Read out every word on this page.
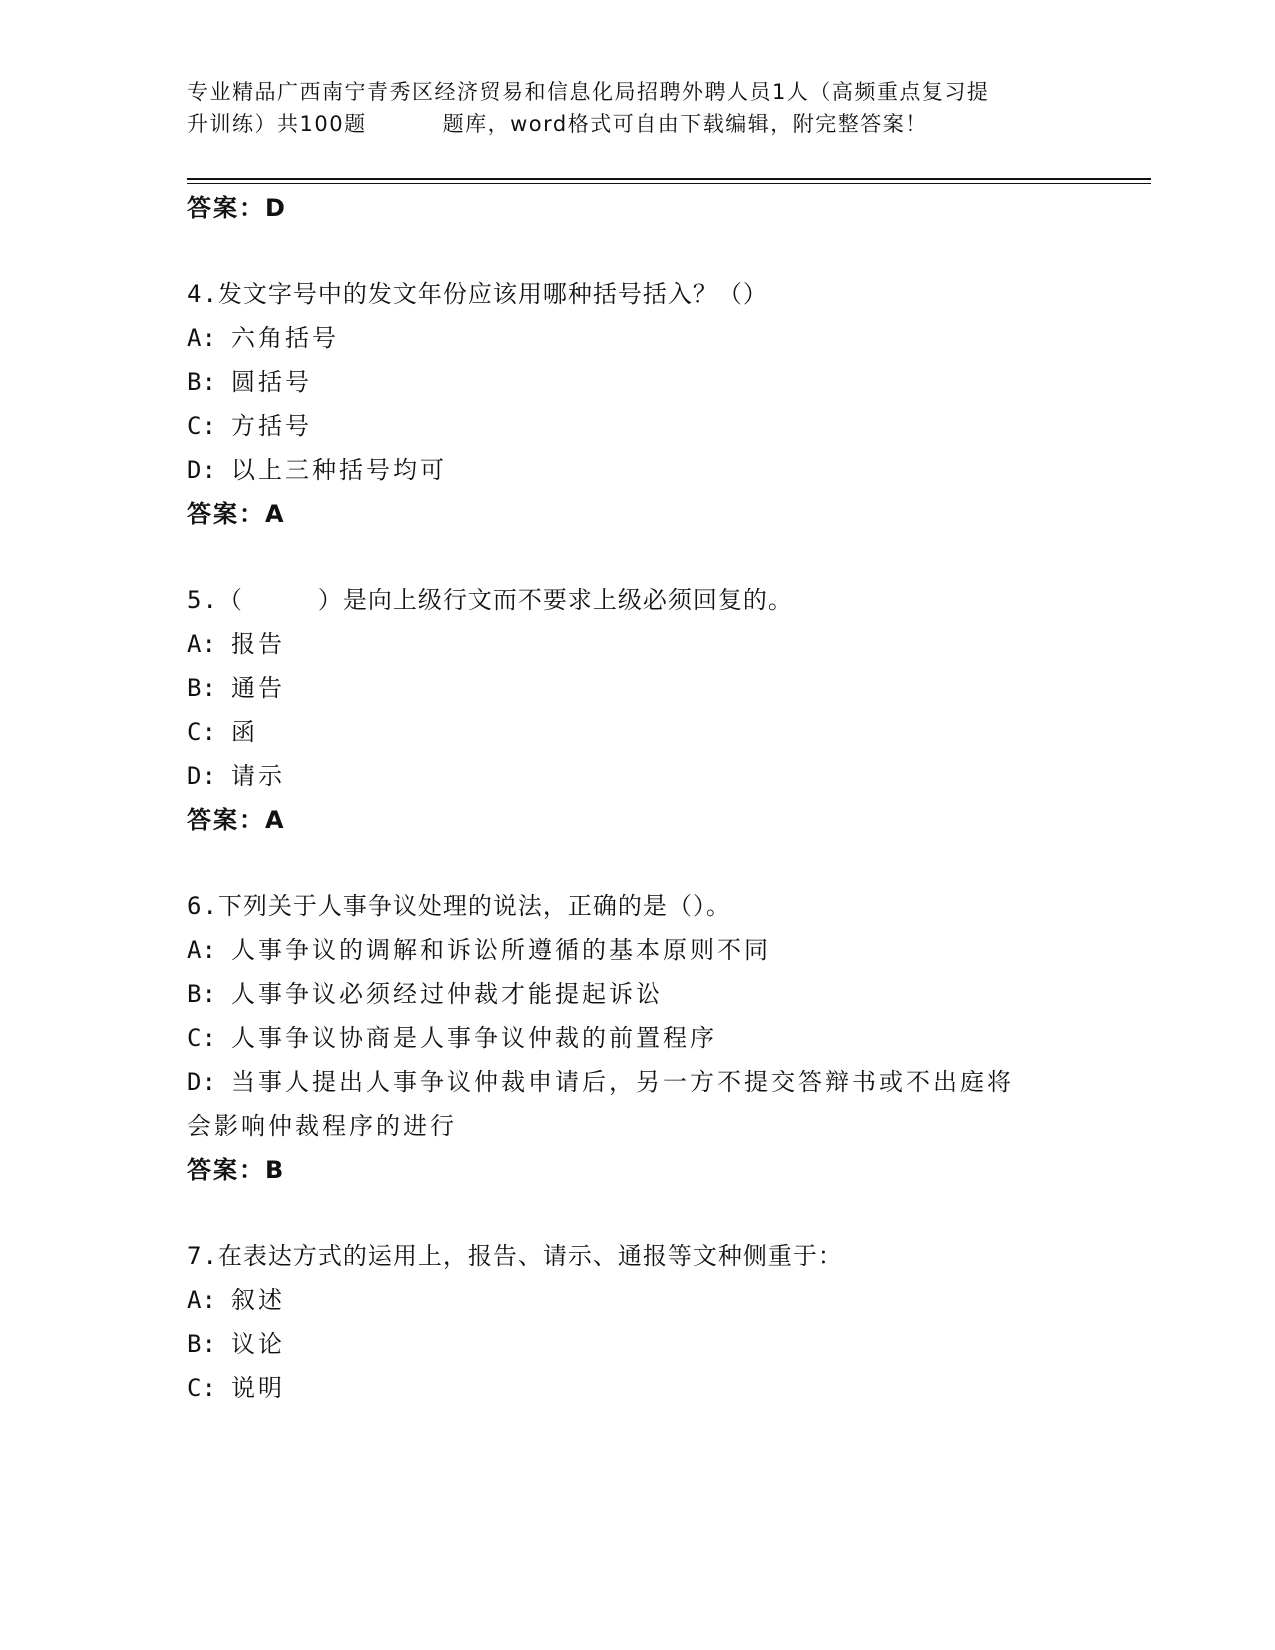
专业精品广西南宁青秀区经济贸易和信息化局招聘外聘人员1人（高频重点复习提
升训练）共100题	题库，word格式可自由下载编辑，附完整答案！
答案：D
4.发文字号中的发文年份应该用哪种括号括入？（）
A: 六角括号
B: 圆括号
C: 方括号
D: 以上三种括号均可
答案：A
5.（　　　）是向上级行文而不要求上级必须回复的。
A: 报告
B: 通告
C: 函
D: 请示
答案：A
6.下列关于人事争议处理的说法，正确的是（）。
A: 人事争议的调解和诉讼所遵循的基本原则不同
B: 人事争议必须经过仲裁才能提起诉讼
C: 人事争议协商是人事争议仲裁的前置程序
D: 当事人提出人事争议仲裁申请后，另一方不提交答辩书或不出庭将
会影响仲裁程序的进行
答案：B
7.在表达方式的运用上，报告、请示、通报等文种侧重于：
A: 叙述
B: 议论
C: 说明
